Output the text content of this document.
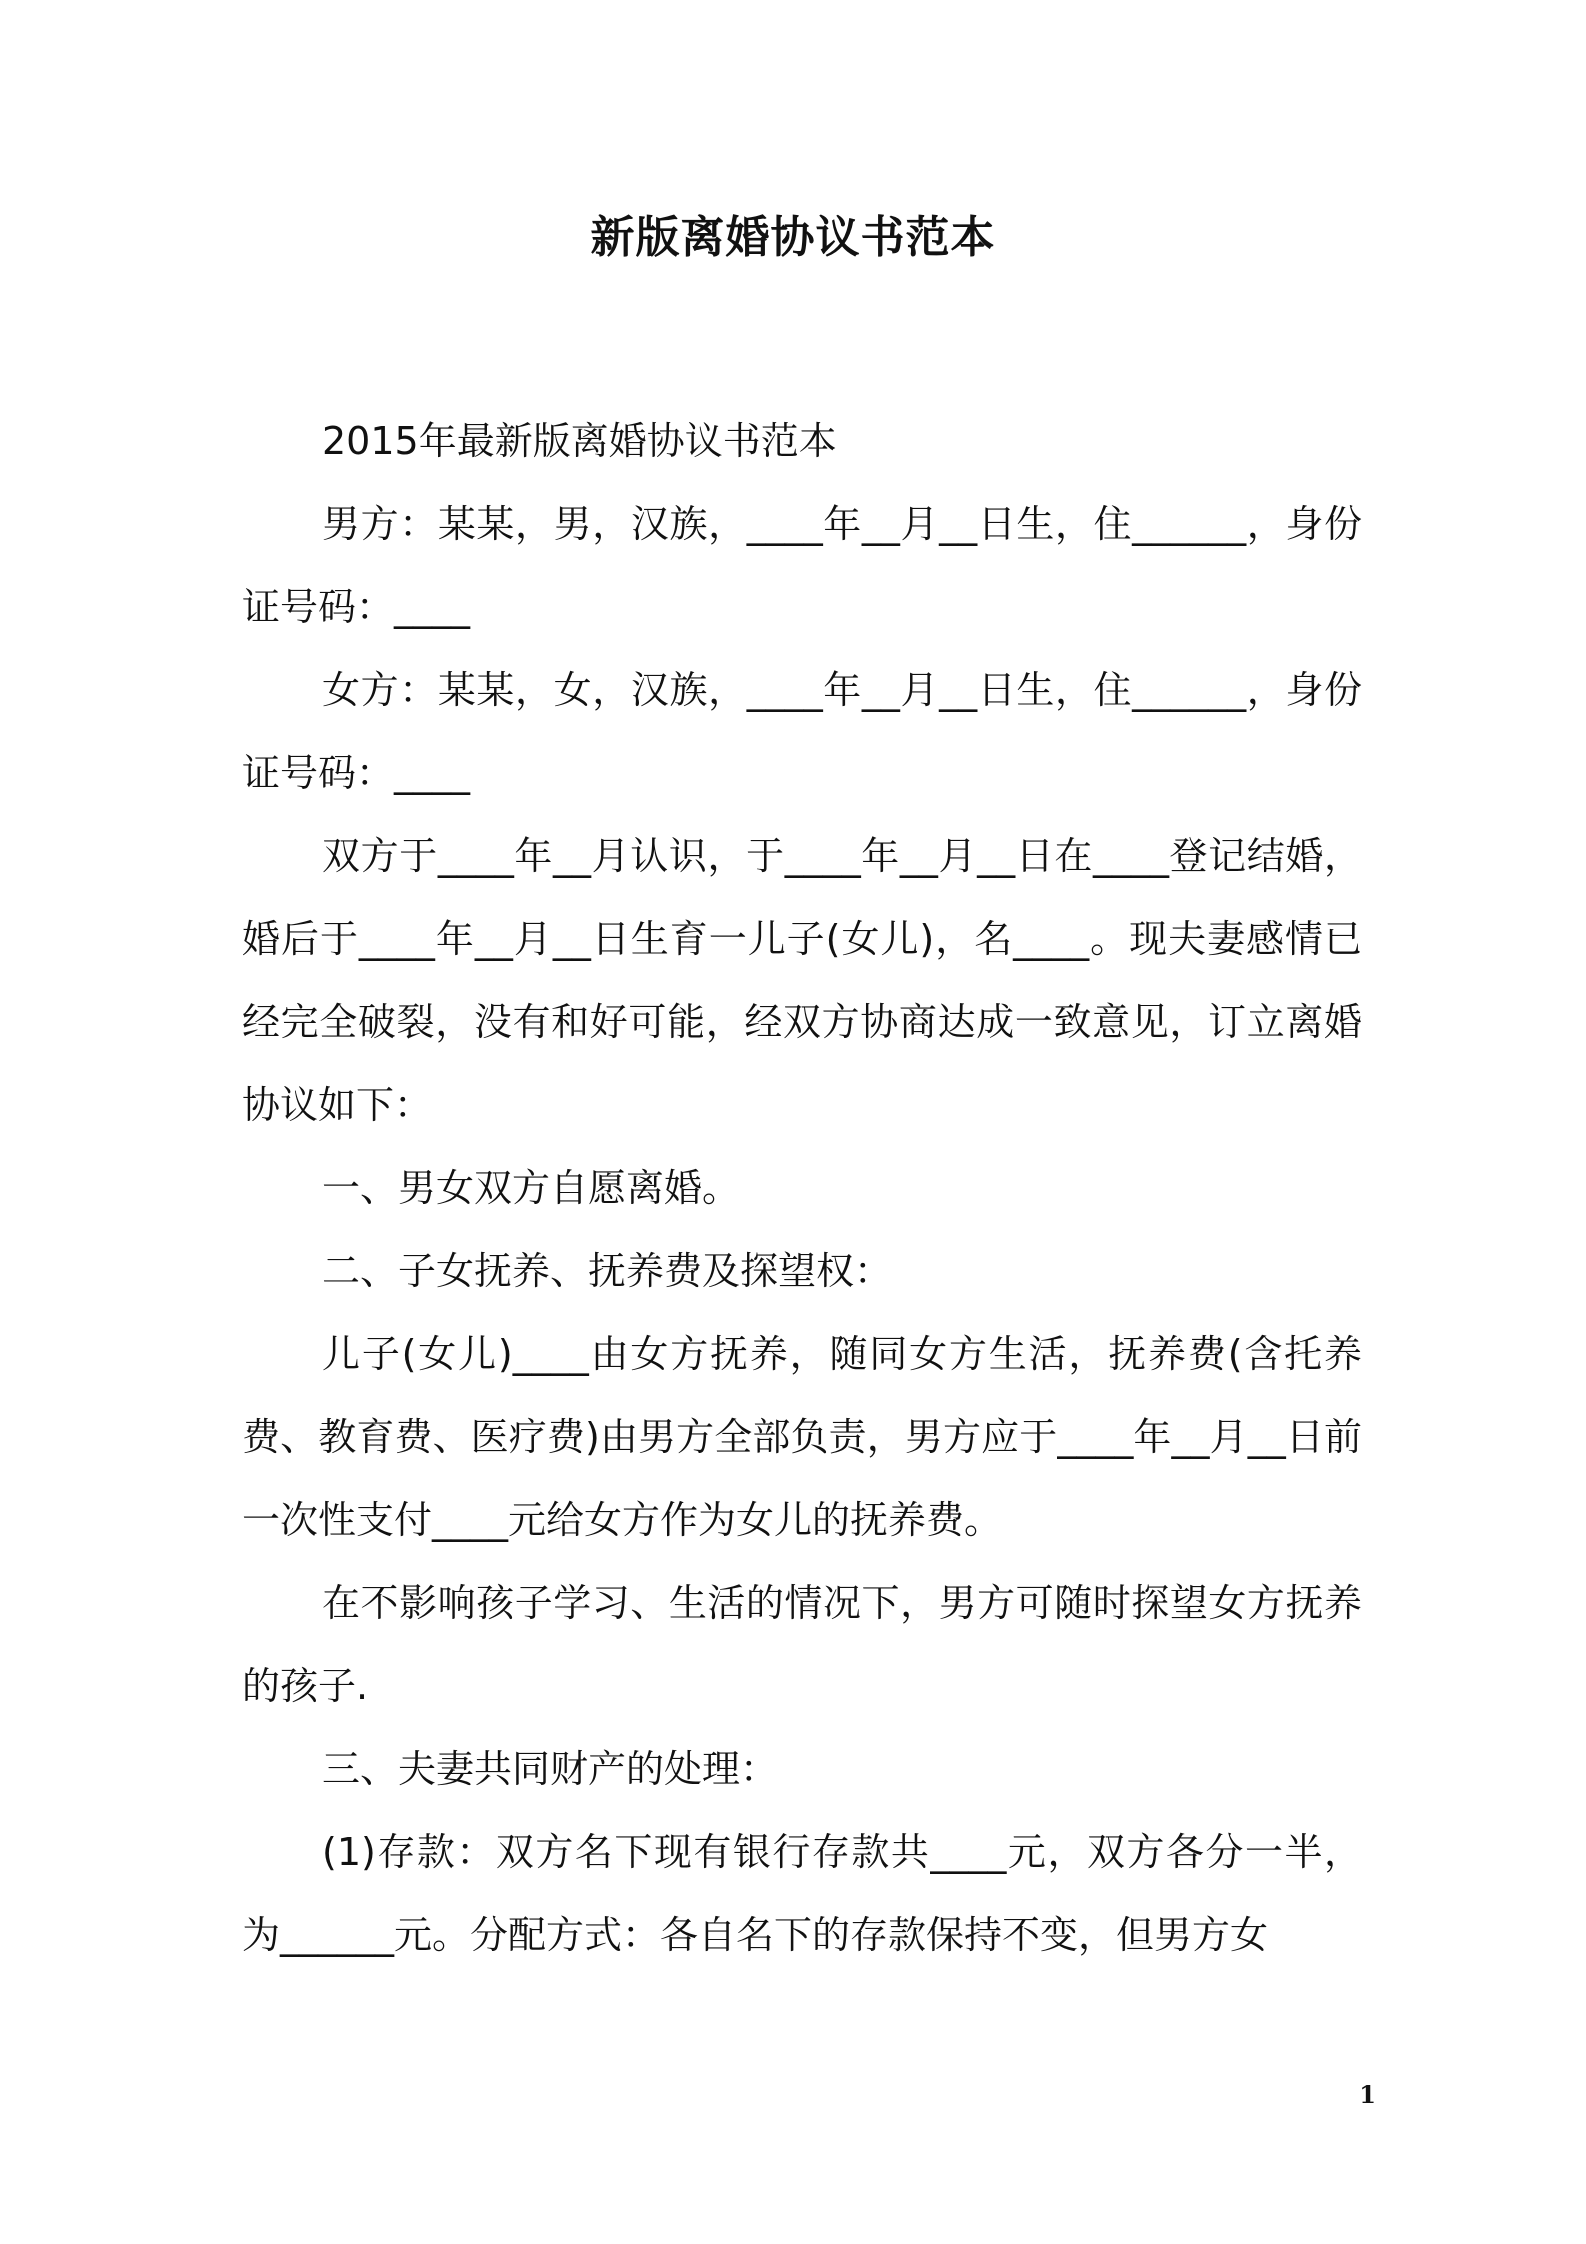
新版离婚协议书范本

2015年最新版离婚协议书范本

男方：某某，男，汉族，____年__月__日生，住______，身份证号码：____

女方：某某，女，汉族，____年__月__日生，住______，身份证号码：____

双方于____年__月认识，于____年__月__日在____登记结婚，婚后于____年__月__日生育一儿子(女儿)，名____。现夫妻感情已经完全破裂，没有和好可能，经双方协商达成一致意见，订立离婚协议如下：

一、男女双方自愿离婚。

二、子女抚养、抚养费及探望权：

儿子(女儿)____由女方抚养，随同女方生活，抚养费(含托养费、教育费、医疗费)由男方全部负责，男方应于____年__月__日前一次性支付____元给女方作为女儿的抚养费。

在不影响孩子学习、生活的情况下，男方可随时探望女方抚养的孩子.

三、夫妻共同财产的处理：

(1)存款：双方名下现有银行存款共____元，双方各分一半，为______元。分配方式：各自名下的存款保持不变，但男方女

1
